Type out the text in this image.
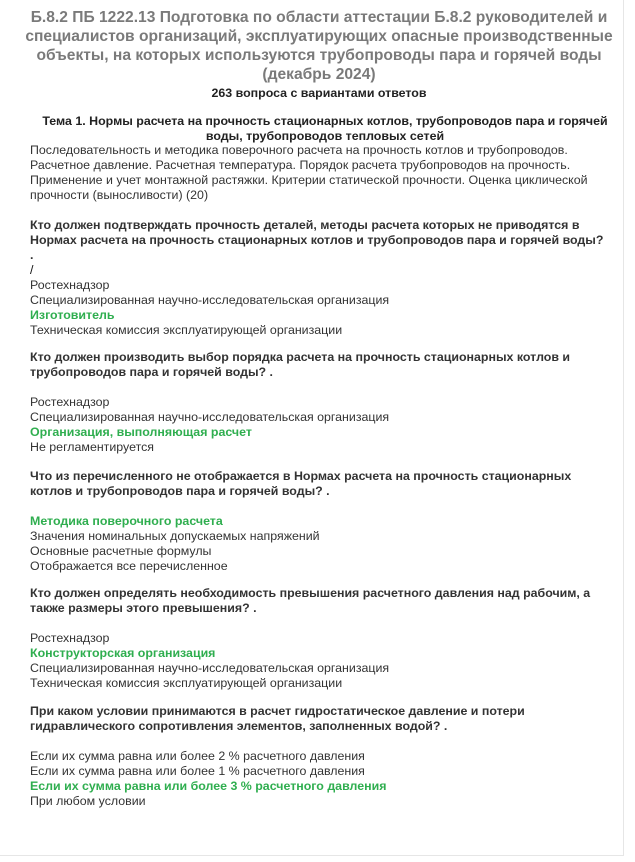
Б.8.2 ПБ 1222.13 Подготовка по области аттестации Б.8.2 руководителей и специалистов организаций, эксплуатирующих опасные производственные объекты, на которых используются трубопроводы пара и горячей воды (декабрь 2024)
263 вопроса с вариантами ответов
Тема 1. Нормы расчета на прочность стационарных котлов, трубопроводов пара и горячей воды, трубопроводов тепловых сетей
Последовательность и методика поверочного расчета на прочность котлов и трубопроводов. Расчетное давление. Расчетная температура. Порядок расчета трубопроводов на прочность. Применение и учет монтажной растяжки. Критерии статической прочности. Оценка циклической прочности (выносливости) (20)
Кто должен подтверждать прочность деталей, методы расчета которых не приводятся в Нормах расчета на прочность стационарных котлов и трубопроводов пара и горячей воды? .
/
Ростехнадзор
Специализированная научно-исследовательская организация
Изготовитель
Техническая комиссия эксплуатирующей организации
Кто должен производить выбор порядка расчета на прочность стационарных котлов и трубопроводов пара и горячей воды? .
Ростехнадзор
Специализированная научно-исследовательская организация
Организация, выполняющая расчет
Не регламентируется
Что из перечисленного не отображается в Нормах расчета на прочность стационарных котлов и трубопроводов пара и горячей воды? .
Методика поверочного расчета
Значения номинальных допускаемых напряжений
Основные расчетные формулы
Отображается все перечисленное
Кто должен определять необходимость превышения расчетного давления над рабочим, а также размеры этого превышения? .
Ростехнадзор
Конструкторская организация
Специализированная научно-исследовательская организация
Техническая комиссия эксплуатирующей организации
При каком условии принимаются в расчет гидростатическое давление и потери гидравлического сопротивления элементов, заполненных водой? .
Если их сумма равна или более 2 % расчетного давления
Если их сумма равна или более 1 % расчетного давления
Если их сумма равна или более 3 % расчетного давления
При любом условии
